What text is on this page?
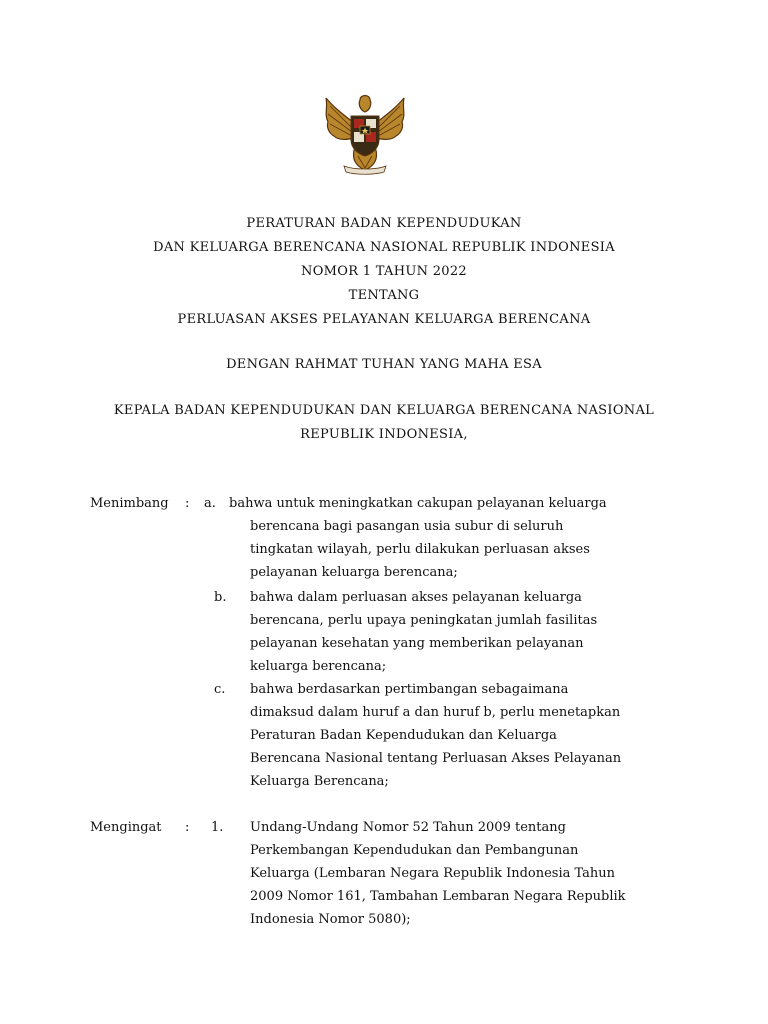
PERATURAN BADAN KEPENDUDUKAN
DAN KELUARGA BERENCANA NASIONAL REPUBLIK INDONESIA
NOMOR 1 TAHUN 2022
TENTANG
PERLUASAN AKSES PELAYANAN KELUARGA BERENCANA
DENGAN RAHMAT TUHAN YANG MAHA ESA
KEPALA BADAN KEPENDUDUKAN DAN KELUARGA BERENCANA NASIONAL
REPUBLIK INDONESIA,
Menimbang : a. bahwa untuk meningkatkan cakupan pelayanan keluarga
berencana bagi pasangan usia subur di seluruh
tingkatan wilayah, perlu dilakukan perluasan akses
pelayanan keluarga berencana;
b. bahwa dalam perluasan akses pelayanan keluarga
berencana, perlu upaya peningkatan jumlah fasilitas
pelayanan kesehatan yang memberikan pelayanan
keluarga berencana;
c. bahwa berdasarkan pertimbangan sebagaimana
dimaksud dalam huruf a dan huruf b, perlu menetapkan
Peraturan Badan Kependudukan dan Keluarga
Berencana Nasional tentang Perluasan Akses Pelayanan
Keluarga Berencana;
Mengingat : 1. Undang-Undang Nomor 52 Tahun 2009 tentang
Perkembangan Kependudukan dan Pembangunan
Keluarga (Lembaran Negara Republik Indonesia Tahun
2009 Nomor 161, Tambahan Lembaran Negara Republik
Indonesia Nomor 5080);
